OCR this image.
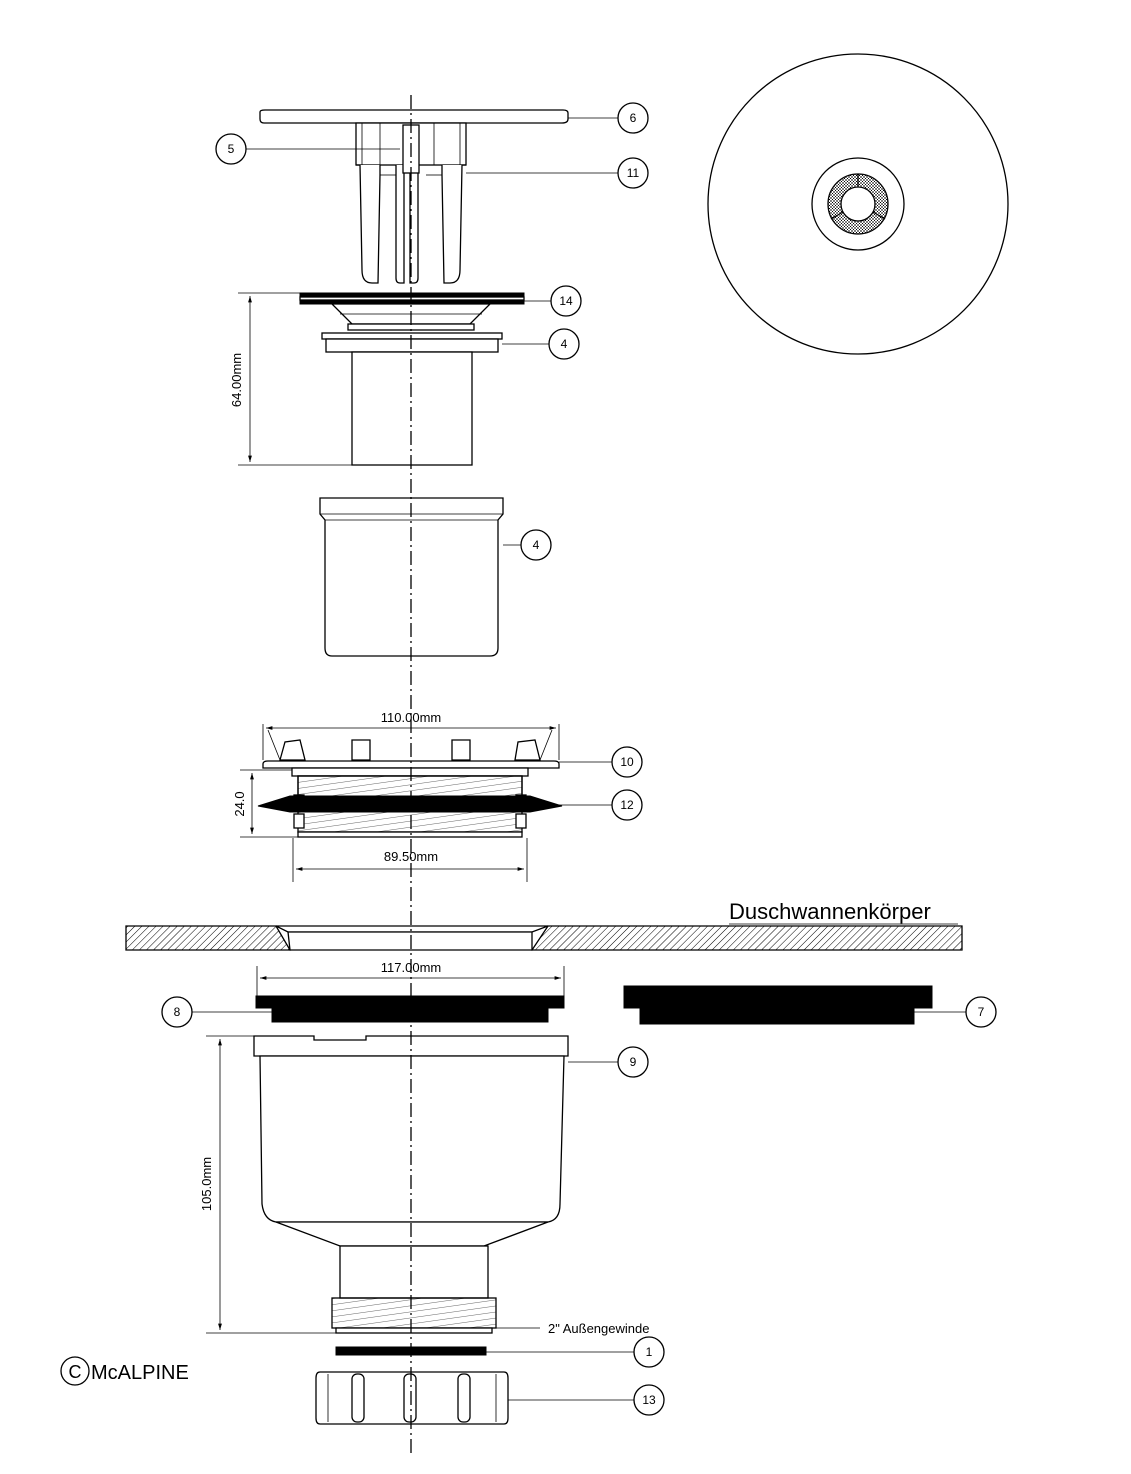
64.00mm
110.00mm
24.0
89.50mm
117.00mm
105.0mm
6
5
11
14
4
4
10
12
8	7
9
1
13
Duschwannenkörper
2" Außengewinde
C McALPINE
